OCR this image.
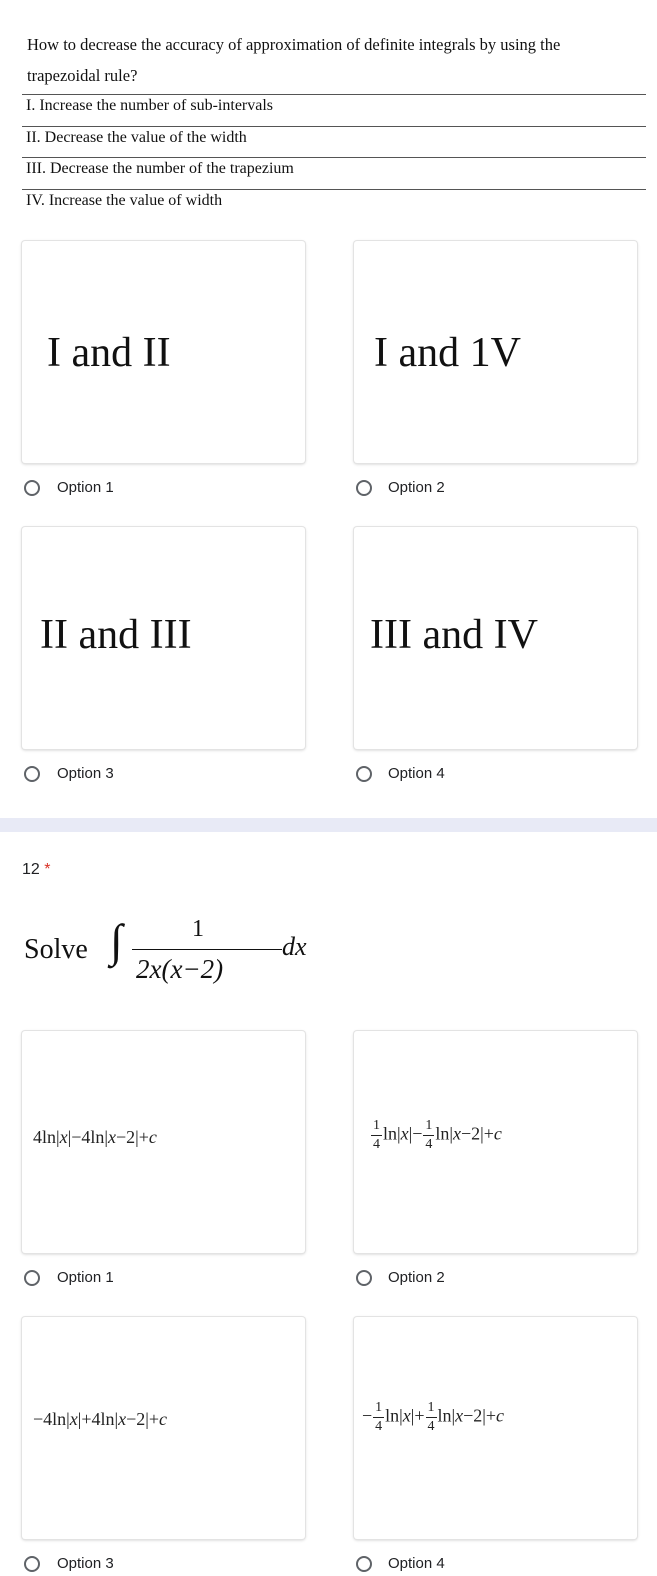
How to decrease the accuracy of approximation of definite integrals by using the
trapezoidal rule?
I. Increase the number of sub-intervals
II. Decrease the value of the width
III. Decrease the number of the trapezium
IV. Increase the value of width
I and II	I and 1V
Option 1	Option 2
II and III	III and IV
Option 3	Option 4
12 *
Solve ∫	1
2x(x−2)
dx
4ln|x|−4ln|x−2|+c	$\frac{1}{4} \ln|x|- \frac{1}{4} \ln|x-2|+c$
Option 1	Option 2
−4ln|x|+4ln|x−2|+c	− $\frac{1}{4} \ln|x|+ \frac{1}{4} \ln|x-2|+c$
Option 3	Option 4
